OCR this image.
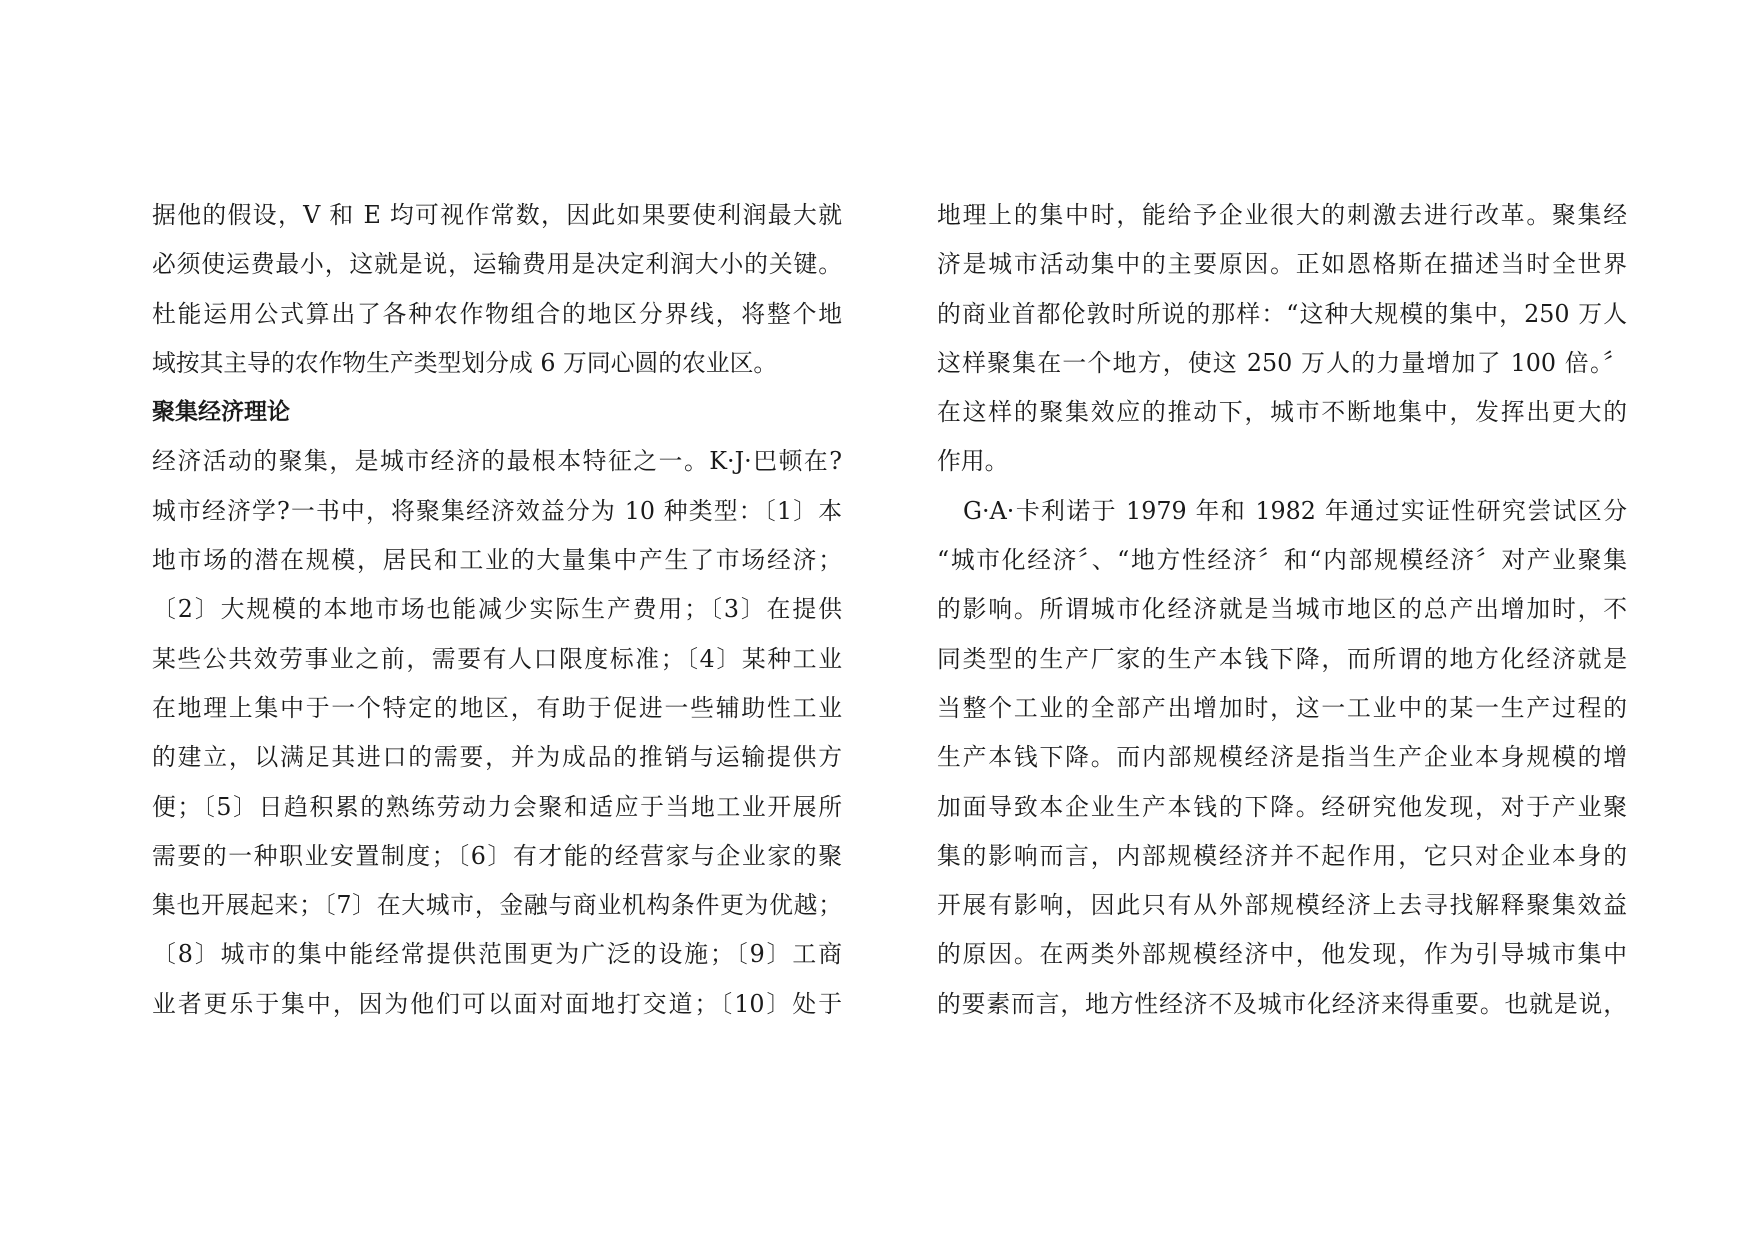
据他的假设，V 和 E 均可视作常数，因此如果要使利润最大就
必须使运费最小，这就是说，运输费用是决定利润大小的关键。
杜能运用公式算出了各种农作物组合的地区分界线，将整个地
域按其主导的农作物生产类型划分成 6 万同心圆的农业区。
聚集经济理论
经济活动的聚集，是城市经济的最根本特征之一。K·J·巴顿在?
城市经济学?一书中，将聚集经济效益分为 10 种类型：〔1〕本
地市场的潜在规模，居民和工业的大量集中产生了市场经济；
〔2〕大规模的本地市场也能减少实际生产费用；〔3〕在提供
某些公共效劳事业之前，需要有人口限度标准；〔4〕某种工业
在地理上集中于一个特定的地区，有助于促进一些辅助性工业
的建立，以满足其进口的需要，并为成品的推销与运输提供方
便；〔5〕日趋积累的熟练劳动力会聚和适应于当地工业开展所
需要的一种职业安置制度；〔6〕有才能的经营家与企业家的聚
集也开展起来；〔7〕在大城市，金融与商业机构条件更为优越；
〔8〕城市的集中能经常提供范围更为广泛的设施；〔9〕工商
业者更乐于集中，因为他们可以面对面地打交道；〔10〕处于
地理上的集中时，能给予企业很大的刺激去进行改革。聚集经
济是城市活动集中的主要原因。正如恩格斯在描述当时全世界
的商业首都伦敦时所说的那样：“这种大规模的集中，250 万人
这样聚集在一个地方，使这 250 万人的力量增加了 100 倍。〞
在这样的聚集效应的推动下，城市不断地集中，发挥出更大的
作用。
G·A·卡利诺于 1979 年和 1982 年通过实证性研究尝试区分
“城市化经济〞、“地方性经济〞和“内部规模经济〞对产业聚集
的影响。所谓城市化经济就是当城市地区的总产出增加时，不
同类型的生产厂家的生产本钱下降，而所谓的地方化经济就是
当整个工业的全部产出增加时，这一工业中的某一生产过程的
生产本钱下降。而内部规模经济是指当生产企业本身规模的增
加面导致本企业生产本钱的下降。经研究他发现，对于产业聚
集的影响而言，内部规模经济并不起作用，它只对企业本身的
开展有影响，因此只有从外部规模经济上去寻找解释聚集效益
的原因。在两类外部规模经济中，他发现，作为引导城市集中
的要素而言，地方性经济不及城市化经济来得重要。也就是说，
